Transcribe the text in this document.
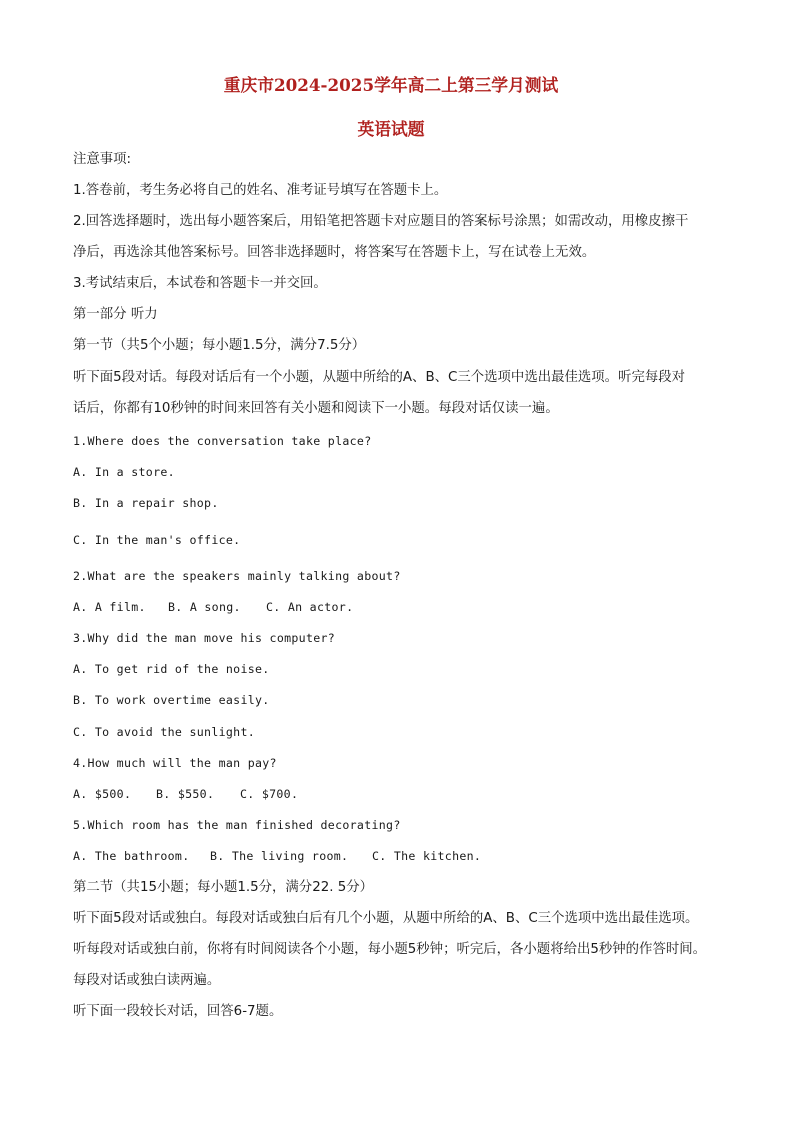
重庆市2024-2025学年高二上第三学月测试
英语试题
注意事项:
1.答卷前，考生务必将自己的姓名、准考证号填写在答题卡上。
2.回答选择题时，选出每小题答案后，用铅笔把答题卡对应题目的答案标号涂黑；如需改动，用橡皮擦干
净后，再选涂其他答案标号。回答非选择题时，将答案写在答题卡上，写在试卷上无效。
3.考试结束后，本试卷和答题卡一并交回。
第一部分 听力
第一节（共5个小题；每小题1.5分，满分7.5分）
听下面5段对话。每段对话后有一个小题，从题中所给的A、B、C三个选项中选出最佳选项。听完每段对
话后，你都有10秒钟的时间来回答有关小题和阅读下一小题。每段对话仅读一遍。
1.Where does the conversation take place?
A. In a store.
B. In a repair shop.
C. In the man's office.
2.What are the speakers mainly talking about?
A. A film. B. A song. C. An actor.
3.Why did the man move his computer?
A. To get rid of the noise.
B. To work overtime easily.
C. To avoid the sunlight.
4.How much will the man pay?
A. $500. B. $550. C. $700.
5.Which room has the man finished decorating?
A. The bathroom. B. The living room. C. The kitchen.
第二节（共15小题；每小题1.5分，满分22. 5分）
听下面5段对话或独白。每段对话或独白后有几个小题，从题中所给的A、B、C三个选项中选出最佳选项。
听每段对话或独白前，你将有时间阅读各个小题，每小题5秒钟；听完后，各小题将给出5秒钟的作答时间。
每段对话或独白读两遍。
听下面一段较长对话，回答6-7题。
